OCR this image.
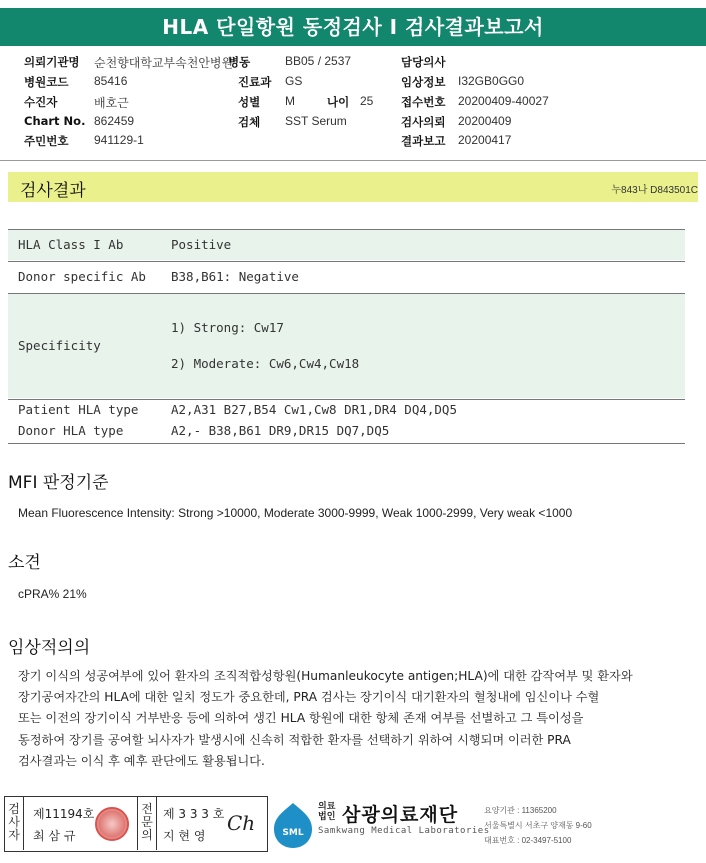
HLA 단일항원 동정검사 I 검사결과보고서
의뢰기관명 순천향대학교부속천안병원
병동	BB05 / 2537	담당의사
병원코드 85416	진료과 GS	임상정보 I32GB0GG0
수진자	배호근	성별 M	나이 25 접수번호 20200409-40027
Chart No. 862459	검체 SST Serum	검사의뢰 20200409
주민번호 941129-1	결과보고 20200417
검사결과	누843나 D843501C
HLA Class I Ab	Positive
Donor specific Ab B38,B61: Negative
Specificity
1) Strong: Cw17
2) Moderate: Cw6,Cw4,Cw18
Patient HLA type	A2,A31 B27,B54 Cw1,Cw8 DR1,DR4 DQ4,DQ5
Donor HLA type	A2,- B38,B61 DR9,DR15 DQ7,DQ5
MFI 판정기준
Mean Fluorescence Intensity: Strong >10000, Moderate 3000-9999, Weak 1000-2999, Very weak <1000
소견
cPRA% 21%
임상적의의
장기 이식의 성공여부에 있어 환자의 조직적합성항원(Humanleukocyte antigen;HLA)에 대한 감작여부 및 환자와
장기공여자간의 HLA에 대한 일치 정도가 중요한데, PRA 검사는 장기이식 대기환자의 혈청내에 임신이나 수혈
또는 이전의 장기이식 거부반응 등에 의하여 생긴 HLA 항원에 대한 항체 존재 여부를 선별하고 그 특이성을
동정하여 장기를 공여할 뇌사자가 발생시에 신속히 적합한 환자를 선택하기 위하여 시행되며 이러한 PRA
검사결과는 이식 후 예후 판단에도 활용됩니다.
검사자
제11194호
최 삼 규
전문의
제 3 3 3 호
지 현 영
Ch	SML
의료법인 삼광의료재단
Samkwang Medical Laboratories
요양기관 : 11365200
서울특별시 서초구 양재동 9-60
대표번호 : 02-3497-5100
